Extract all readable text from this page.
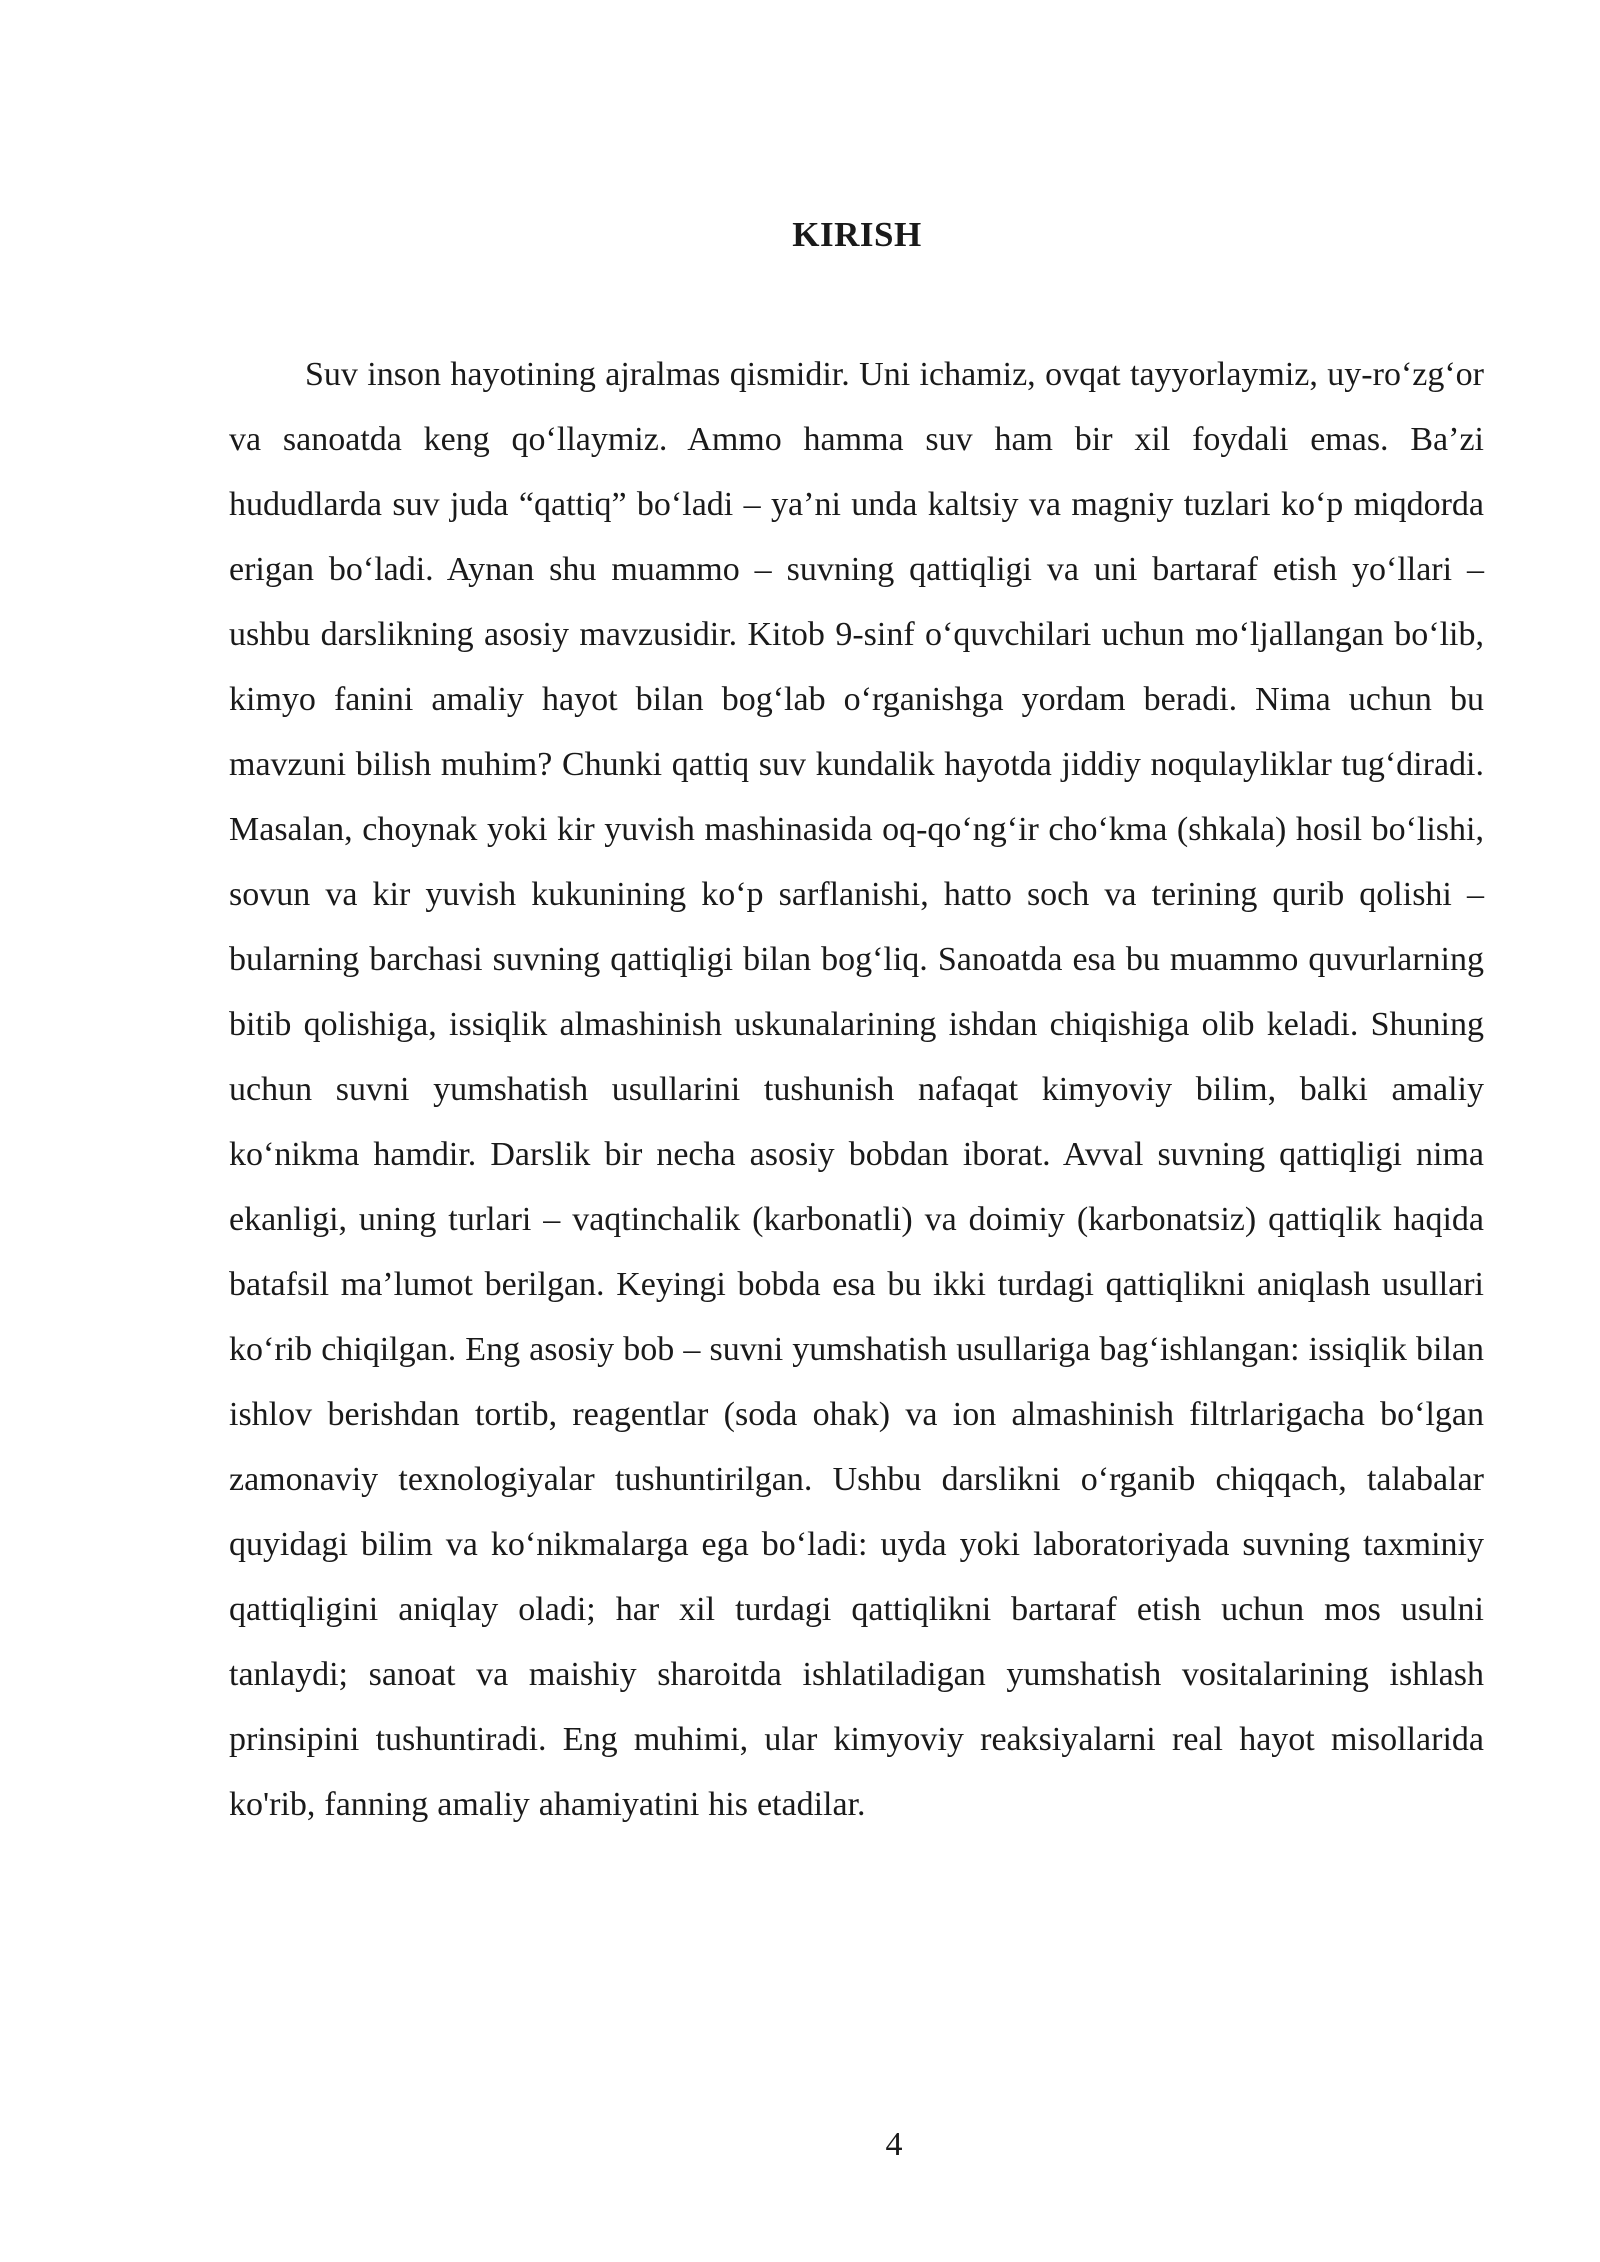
KIRISH

Suv inson hayotining ajralmas qismidir. Uni ichamiz, ovqat tayyorlaymiz, uy-ro‘zg‘or va sanoatda keng qo‘llaymiz. Ammo hamma suv ham bir xil foydali emas. Ba’zi hududlarda suv juda “qattiq” bo‘ladi – ya’ni unda kaltsiy va magniy tuzlari ko‘p miqdorda erigan bo‘ladi. Aynan shu muammo – suvning qattiqligi va uni bartaraf etish yo‘llari – ushbu darslikning asosiy mavzusidir. Kitob 9-sinf o‘quvchilari uchun mo‘ljallangan bo‘lib, kimyo fanini amaliy hayot bilan bog‘lab o‘rganishga yordam beradi. Nima uchun bu mavzuni bilish muhim? Chunki qattiq suv kundalik hayotda jiddiy noqulayliklar tug‘diradi. Masalan, choynak yoki kir yuvish mashinasida oq-qo‘ng‘ir cho‘kma (shkala) hosil bo‘lishi, sovun va kir yuvish kukunining ko‘p sarflanishi, hatto soch va terining qurib qolishi – bularning barchasi suvning qattiqligi bilan bog‘liq. Sanoatda esa bu muammo quvurlarning bitib qolishiga, issiqlik almashinish uskunalarining ishdan chiqishiga olib keladi. Shuning uchun suvni yumshatish usullarini tushunish nafaqat kimyoviy bilim, balki amaliy ko‘nikma hamdir. Darslik bir necha asosiy bobdan iborat. Avval suvning qattiqligi nima ekanligi, uning turlari – vaqtinchalik (karbonatli) va doimiy (karbonatsiz) qattiqlik haqida batafsil ma’lumot berilgan. Keyingi bobda esa bu ikki turdagi qattiqlikni aniqlash usullari ko‘rib chiqilgan. Eng asosiy bob – suvni yumshatish usullariga bag‘ishlangan: issiqlik bilan ishlov berishdan tortib, reagentlar (soda ohak) va ion almashinish filtrlarigacha bo‘lgan zamonaviy texnologiyalar tushuntirilgan. Ushbu darslikni o‘rganib chiqqach, talabalar quyidagi bilim va ko‘nikmalarga ega bo‘ladi: uyda yoki laboratoriyada suvning taxminiy qattiqligini aniqlay oladi; har xil turdagi qattiqlikni bartaraf etish uchun mos usulni tanlaydi; sanoat va maishiy sharoitda ishlatiladigan yumshatish vositalarining ishlash prinsipini tushuntiradi. Eng muhimi, ular kimyoviy reaksiyalarni real hayot misollarida ko'rib, fanning amaliy ahamiyatini his etadilar.

4
